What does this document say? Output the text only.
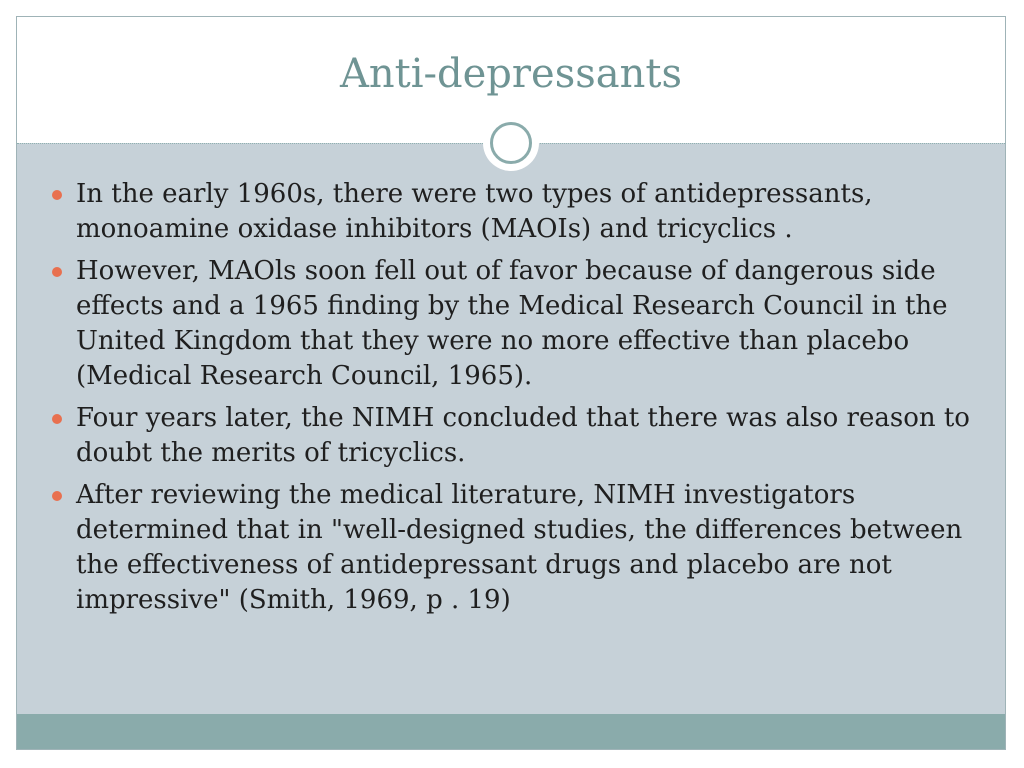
Anti-depressants
In the early 1960s, there were two types of antidepressants, monoamine oxidase inhibitors (MAOIs) and tricyclics .
However, MAOls soon fell out of favor because of dangerous side effects and a 1965 finding by the Medical Research Council in the United Kingdom that they were no more effective than placebo (Medical Research Council, 1965).
Four years later, the NIMH concluded that there was also reason to doubt the merits of tricyclics.
After reviewing the medical literature, NIMH investigators determined that in "well-designed studies, the differences between the effectiveness of antidepressant drugs and placebo are not impressive" (Smith, 1969, p . 19)
